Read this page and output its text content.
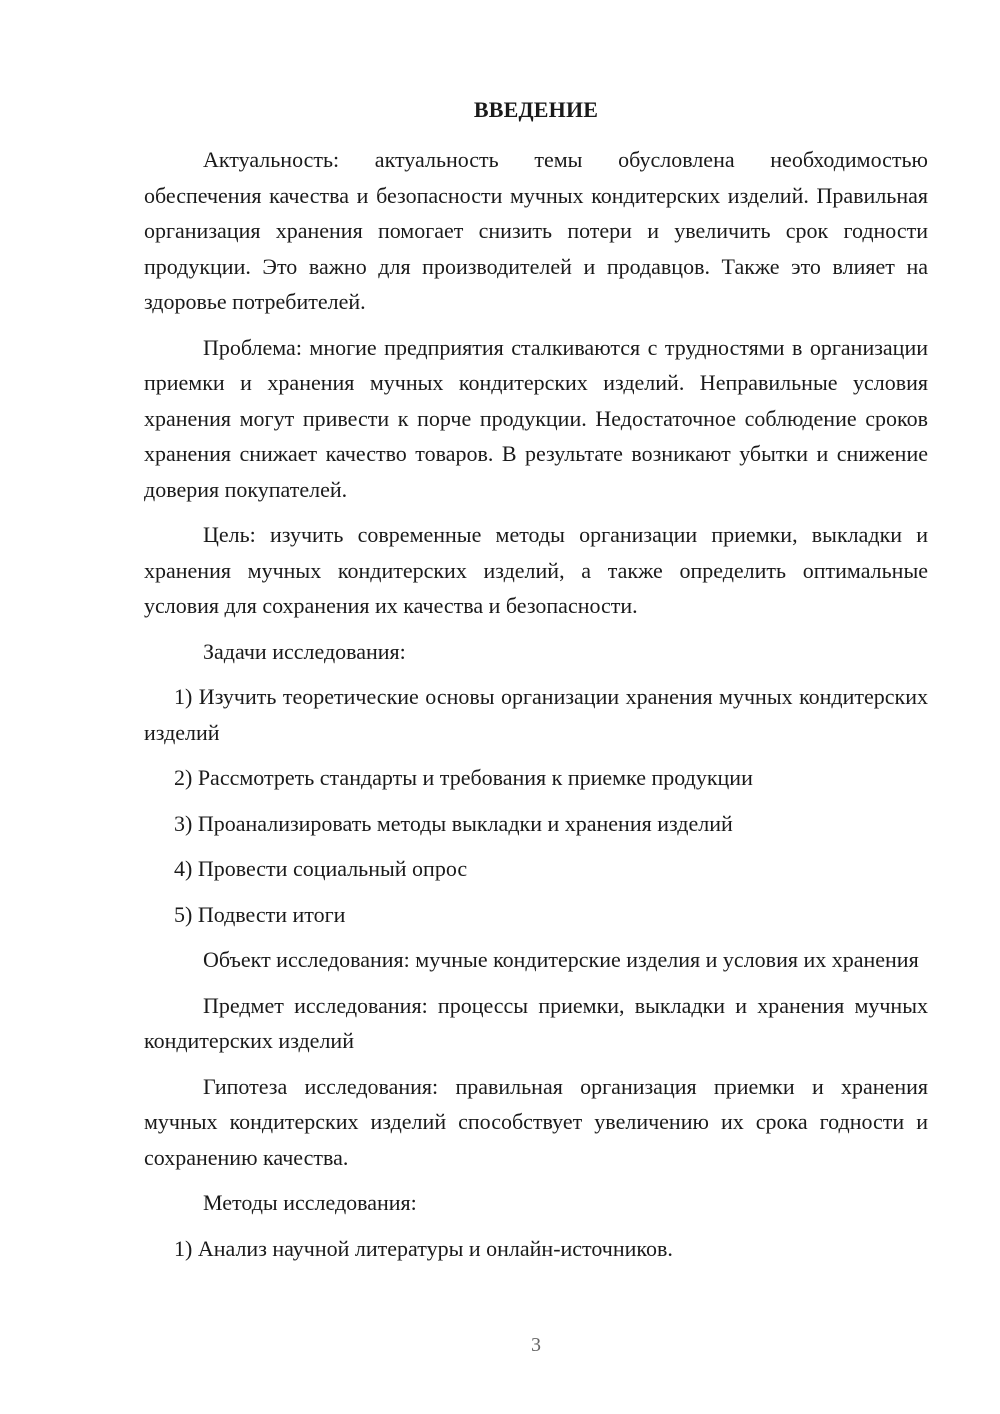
ВВЕДЕНИЕ

Актуальность: актуальность темы обусловлена необходимостью обеспечения качества и безопасности мучных кондитерских изделий. Правильная организация хранения помогает снизить потери и увеличить срок годности продукции. Это важно для производителей и продавцов. Также это влияет на здоровье потребителей.

Проблема: многие предприятия сталкиваются с трудностями в организации приемки и хранения мучных кондитерских изделий. Неправильные условия хранения могут привести к порче продукции. Недостаточное соблюдение сроков хранения снижает качество товаров. В результате возникают убытки и снижение доверия покупателей.

Цель: изучить современные методы организации приемки, выкладки и хранения мучных кондитерских изделий, а также определить оптимальные условия для сохранения их качества и безопасности.

Задачи исследования:

1) Изучить теоретические основы организации хранения мучных кондитерских изделий

2) Рассмотреть стандарты и требования к приемке продукции

3) Проанализировать методы выкладки и хранения изделий

4) Провести социальный опрос

5) Подвести итоги

Объект исследования: мучные кондитерские изделия и условия их хранения

Предмет исследования: процессы приемки, выкладки и хранения мучных кондитерских изделий

Гипотеза исследования: правильная организация приемки и хранения мучных кондитерских изделий способствует увеличению их срока годности и сохранению качества.

Методы исследования:

1) Анализ научной литературы и онлайн-источников.

3
